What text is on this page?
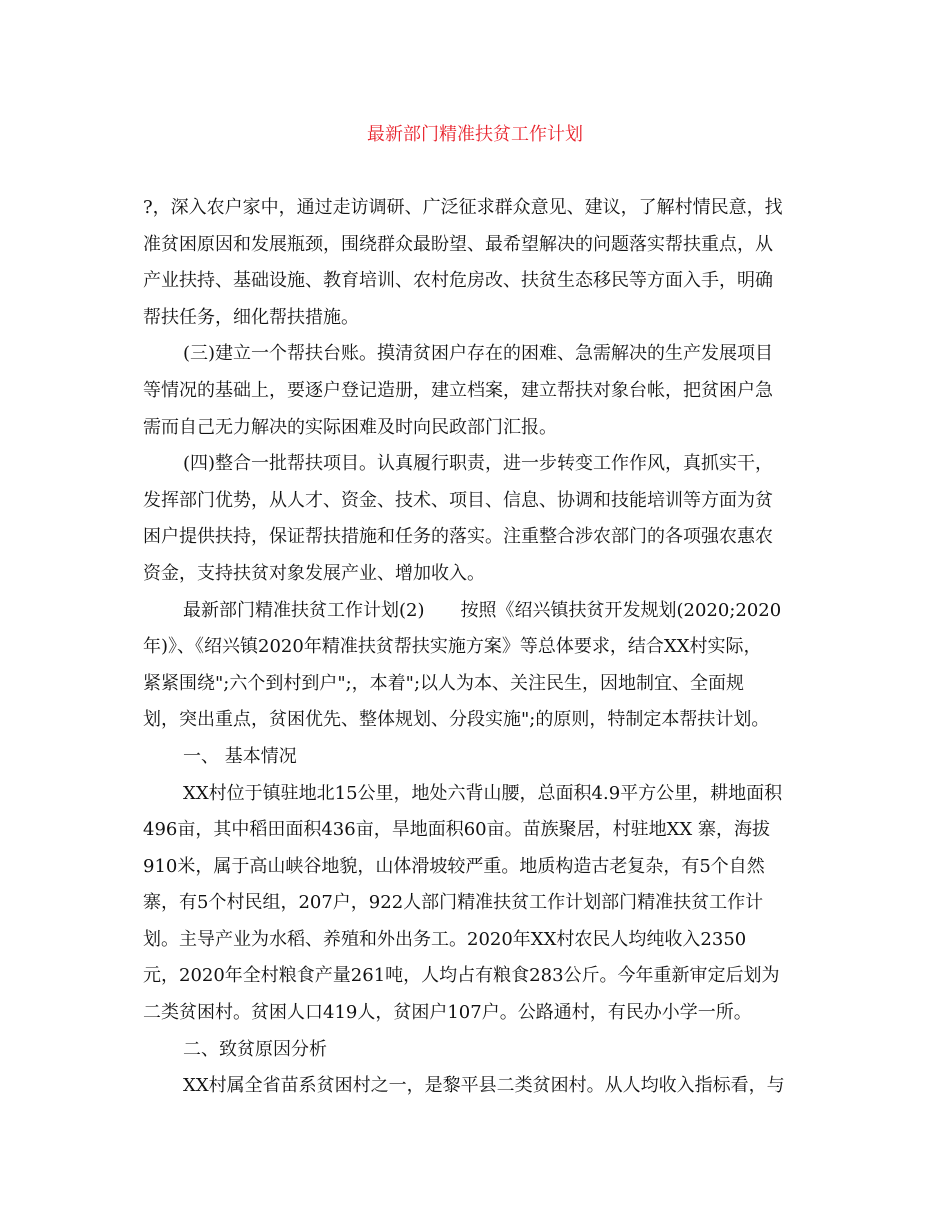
最新部门精准扶贫工作计划
?，深入农户家中，通过走访调研、广泛征求群众意见、建议，了解村情民意，找
准贫困原因和发展瓶颈，围绕群众最盼望、最希望解决的问题落实帮扶重点，从
产业扶持、基础设施、教育培训、农村危房改、扶贫生态移民等方面入手，明确
帮扶任务，细化帮扶措施。
(三)建立一个帮扶台账。摸清贫困户存在的困难、急需解决的生产发展项目
等情况的基础上，要逐户登记造册，建立档案，建立帮扶对象台帐，把贫困户急
需而自己无力解决的实际困难及时向民政部门汇报。
(四)整合一批帮扶项目。认真履行职责，进一步转变工作作风，真抓实干，
发挥部门优势，从人才、资金、技术、项目、信息、协调和技能培训等方面为贫
困户提供扶持，保证帮扶措施和任务的落实。注重整合涉农部门的各项强农惠农
资金，支持扶贫对象发展产业、增加收入。
最新部门精准扶贫工作计划(2)　　按照《绍兴镇扶贫开发规划(2020;2020
年)》、《绍兴镇2020年精准扶贫帮扶实施方案》等总体要求，结合XX村实际，
紧紧围绕";六个到村到户";，本着";以人为本、关注民生，因地制宜、全面规
划，突出重点，贫困优先、整体规划、分段实施";的原则，特制定本帮扶计划。
一、 基本情况
XX村位于镇驻地北15公里，地处六背山腰，总面积4.9平方公里，耕地面积
496亩，其中稻田面积436亩，旱地面积60亩。苗族聚居，村驻地XX 寨，海拔
910米，属于高山峡谷地貌，山体滑坡较严重。地质构造古老复杂，有5个自然
寨，有5个村民组，207户，922人部门精准扶贫工作计划部门精准扶贫工作计
划。主导产业为水稻、养殖和外出务工。2020年XX村农民人均纯收入2350
元，2020年全村粮食产量261吨，人均占有粮食283公斤。今年重新审定后划为
二类贫困村。贫困人口419人，贫困户107户。公路通村，有民办小学一所。
二、致贫原因分析
XX村属全省苗系贫困村之一，是黎平县二类贫困村。从人均收入指标看，与
